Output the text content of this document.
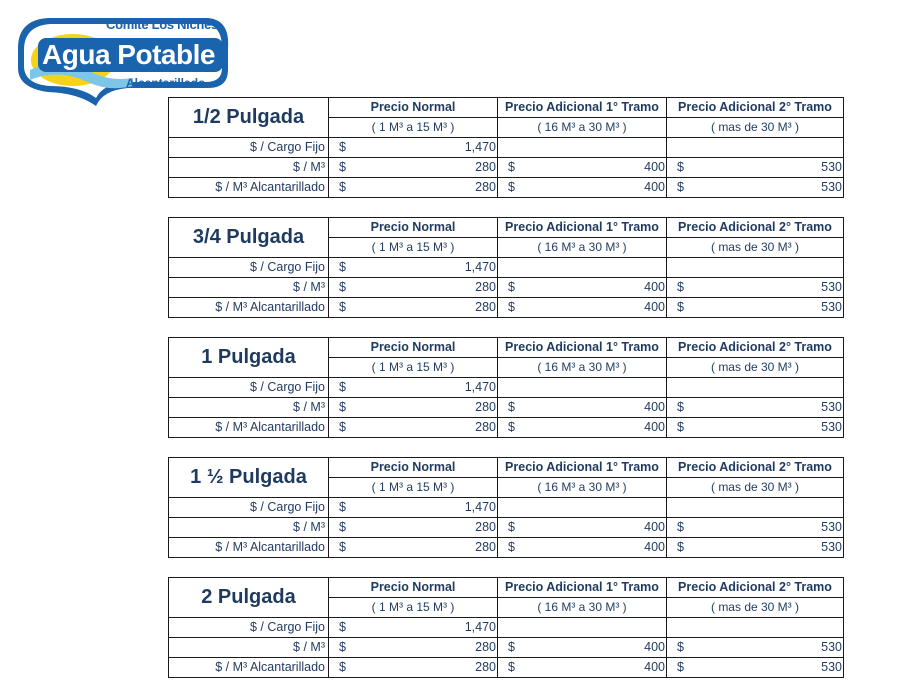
Comité Los Niches
Agua Potable
Alcantarillado
1/2 Pulgada	Precio Normal	Precio Adicional 1° Tramo	Precio Adicional 2° Tramo
	( 1 M³ a 15 M³ )	( 16 M³ a 30 M³ )	( mas de 30 M³ )
$ / Cargo Fijo	$ 1,470		

$ / M³	$ 280	$ 400	$ 530

$ / M³ Alcantarillado	$ 280	$ 400	$ 530
3/4 Pulgada	Precio Normal	Precio Adicional 1° Tramo	Precio Adicional 2° Tramo
	( 1 M³ a 15 M³ )	( 16 M³ a 30 M³ )	( mas de 30 M³ )
$ / Cargo Fijo	$ 1,470		

$ / M³	$ 280	$ 400	$ 530

$ / M³ Alcantarillado	$ 280	$ 400	$ 530
1 Pulgada	Precio Normal	Precio Adicional 1° Tramo	Precio Adicional 2° Tramo
	( 1 M³ a 15 M³ )	( 16 M³ a 30 M³ )	( mas de 30 M³ )
$ / Cargo Fijo	$ 1,470		

$ / M³	$ 280	$ 400	$ 530

$ / M³ Alcantarillado	$ 280	$ 400	$ 530
1 ½ Pulgada	Precio Normal	Precio Adicional 1° Tramo	Precio Adicional 2° Tramo
	( 1 M³ a 15 M³ )	( 16 M³ a 30 M³ )	( mas de 30 M³ )
$ / Cargo Fijo	$ 1,470		

$ / M³	$ 280	$ 400	$ 530

$ / M³ Alcantarillado	$ 280	$ 400	$ 530
2 Pulgada	Precio Normal	Precio Adicional 1° Tramo	Precio Adicional 2° Tramo
	( 1 M³ a 15 M³ )	( 16 M³ a 30 M³ )	( mas de 30 M³ )
$ / Cargo Fijo	$ 1,470		

$ / M³	$ 280	$ 400	$ 530

$ / M³ Alcantarillado	$ 280	$ 400	$ 530
